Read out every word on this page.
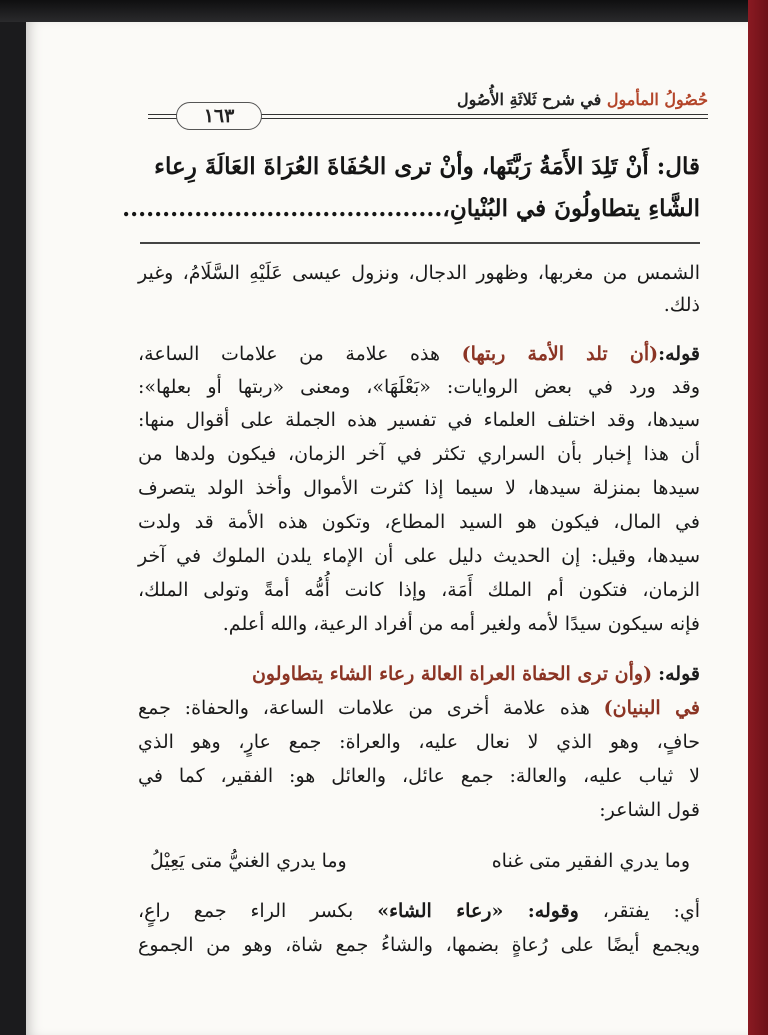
حُصُولُ المأمول في شرح ثَلاثَةِ الأُصُول
١٦٣
قال: أَنْ تَلِدَ الأَمَةُ رَبَّتَها، وأنْ ترى الحُفَاةَ العُرَاةَ العَالَةَ رِعاء
الشَّاءِ يتطاولُونَ في البُنْيانِ،........................................
الشمس من مغربها، وظهور الدجال، ونزول عيسى عَلَيْهِ السَّلَامُ، وغير
ذلك.
قوله:(أن تلد الأمة ربتها) هذه علامة من علامات الساعة،
وقد ورد في بعض الروايات: «بَعْلَهَا»، ومعنى «ربتها أو بعلها»:
سيدها، وقد اختلف العلماء في تفسير هذه الجملة على أقوال منها:
أن هذا إخبار بأن السراري تكثر في آخر الزمان، فيكون ولدها من
سيدها بمنزلة سيدها، لا سيما إذا كثرت الأموال وأخذ الولد يتصرف
في المال، فيكون هو السيد المطاع، وتكون هذه الأمة قد ولدت
سيدها، وقيل: إن الحديث دليل على أن الإماء يلدن الملوك في آخر
الزمان، فتكون أم الملك أَمَة، وإذا كانت أُمُّه أمةً وتولى الملك،
فإنه سيكون سيدًا لأمه ولغير أمه من أفراد الرعية، والله أعلم.
قوله: (وأن ترى الحفاة العراة العالة رعاء الشاء يتطاولون
في البنيان) هذه علامة أخرى من علامات الساعة، والحفاة: جمع
حافٍ، وهو الذي لا نعال عليه، والعراة: جمع عارٍ، وهو الذي
لا ثياب عليه، والعالة: جمع عائل، والعائل هو: الفقير، كما في
قول الشاعر:
وما يدري الفقير متى غناه
وما يدري الغنيُّ متى يَعِيْلُ
أي: يفتقر، وقوله: «رعاء الشاء» بكسر الراء جمع راعٍ،
ويجمع أيضًا على رُعاةٍ بضمها، والشاءُ جمع شاة، وهو من الجموع
